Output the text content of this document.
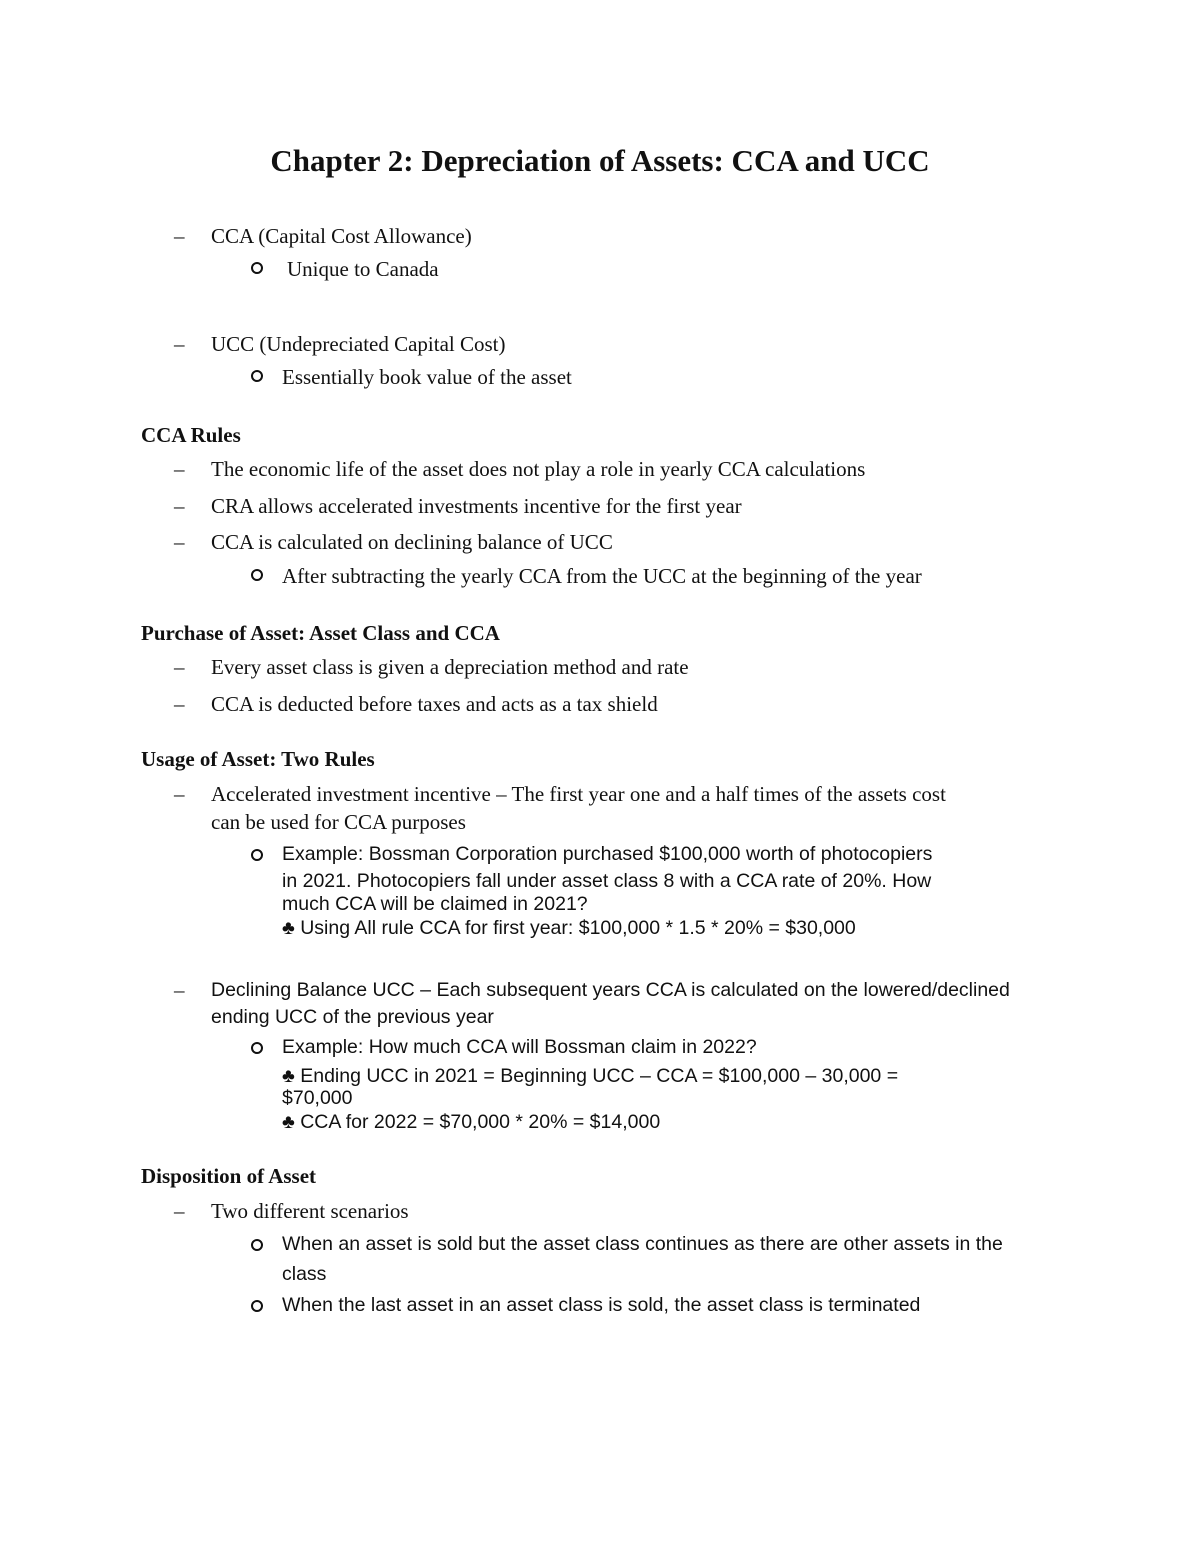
Chapter 2: Depreciation of Assets: CCA and UCC
– CCA (Capital Cost Allowance)
Unique to Canada
– UCC (Undepreciated Capital Cost)
Essentially book value of the asset
CCA Rules
– The economic life of the asset does not play a role in yearly CCA calculations
– CRA allows accelerated investments incentive for the first year
– CCA is calculated on declining balance of UCC
After subtracting the yearly CCA from the UCC at the beginning of the year
Purchase of Asset: Asset Class and CCA
– Every asset class is given a depreciation method and rate
– CCA is deducted before taxes and acts as a tax shield
Usage of Asset: Two Rules
– Accelerated investment incentive – The first year one and a half times of the assets cost
can be used for CCA purposes
Example: Bossman Corporation purchased $100,000 worth of photocopiers
in 2021. Photocopiers fall under asset class 8 with a CCA rate of 20%. How
much CCA will be claimed in 2021?
♣ Using All rule CCA for first year: $100,000 * 1.5 * 20% = $30,000
– Declining Balance UCC – Each subsequent years CCA is calculated on the lowered/declined
ending UCC of the previous year
Example: How much CCA will Bossman claim in 2022?
♣ Ending UCC in 2021 = Beginning UCC – CCA = $100,000 – 30,000 =
$70,000
♣ CCA for 2022 = $70,000 * 20% = $14,000
Disposition of Asset
– Two different scenarios
When an asset is sold but the asset class continues as there are other assets in the
class
When the last asset in an asset class is sold, the asset class is terminated
